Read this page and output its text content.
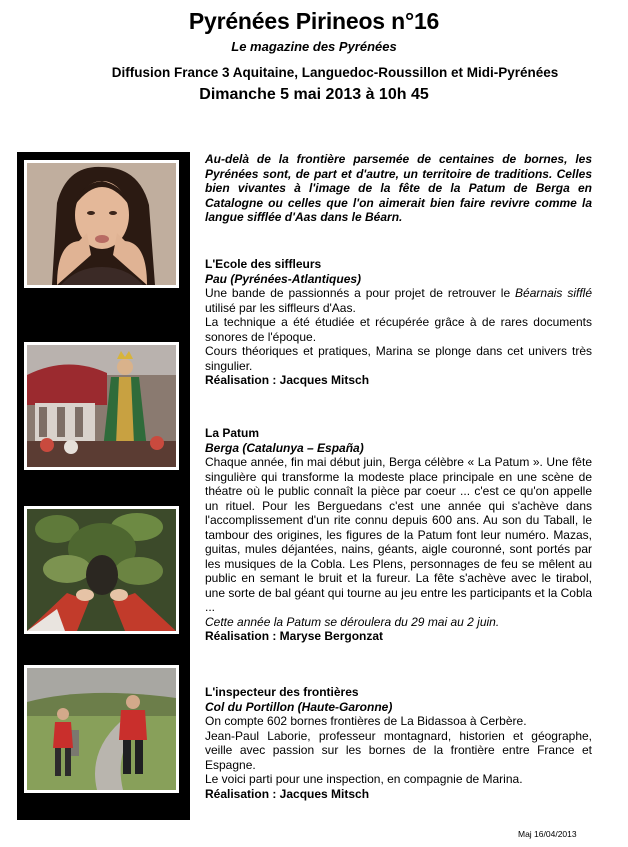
Pyrénées Pirineos n°16
Le magazine des Pyrénées
Diffusion France 3 Aquitaine, Languedoc-Roussillon et Midi-Pyrénées
Dimanche 5 mai 2013 à 10h 45
Au-delà de la frontière parsemée de centaines de bornes, les Pyrénées sont, de part et d'autre, un territoire de traditions. Celles bien vivantes à l'image de la fête de la Patum de Berga en Catalogne ou celles que l'on aimerait bien faire revivre comme la langue sifflée d'Aas dans le Béarn.
L'Ecole des siffleurs
Pau (Pyrénées-Atlantiques)

Une bande de passionnés a pour projet de retrouver le Béarnais sifflé utilisé par les siffleurs d'Aas.

La technique a été étudiée et récupérée grâce à de rares documents sonores de l'époque.

Cours théoriques et pratiques, Marina se plonge dans cet univers très singulier.

Réalisation : Jacques Mitsch
La Patum
Berga (Catalunya – España)

Chaque année, fin mai début juin, Berga célèbre « La Patum ». Une fête singulière qui transforme la modeste place principale en une scène de théatre où le public connaît la pièce par coeur ... c'est ce qu'on appelle un rituel. Pour les Berguedans c'est une année qui s'achève dans l'accomplissement d'un rite connu depuis 600 ans. Au son du Taball, le tambour des origines, les figures de la Patum font leur numéro. Mazas, guitas, mules déjantées, nains, géants, aigle couronné, sont portés par les musiques de la Cobla. Les Plens, personnages de feu se mêlent au public en semant le bruit et la fureur. La fête s'achève avec le tirabol, une sorte de bal géant qui tourne au jeu entre les participants et la Cobla ...

Cette année la Patum se déroulera du 29 mai au 2 juin.

Réalisation : Maryse Bergonzat
L'inspecteur des frontières
Col du Portillon (Haute-Garonne)

On compte 602 bornes frontières de La Bidassoa à Cerbère.

Jean-Paul Laborie, professeur montagnard, historien et géographe, veille avec passion sur les bornes de la frontière entre France et Espagne.

Le voici parti pour une inspection, en compagnie de Marina.

Réalisation : Jacques Mitsch
Maj 16/04/2013
